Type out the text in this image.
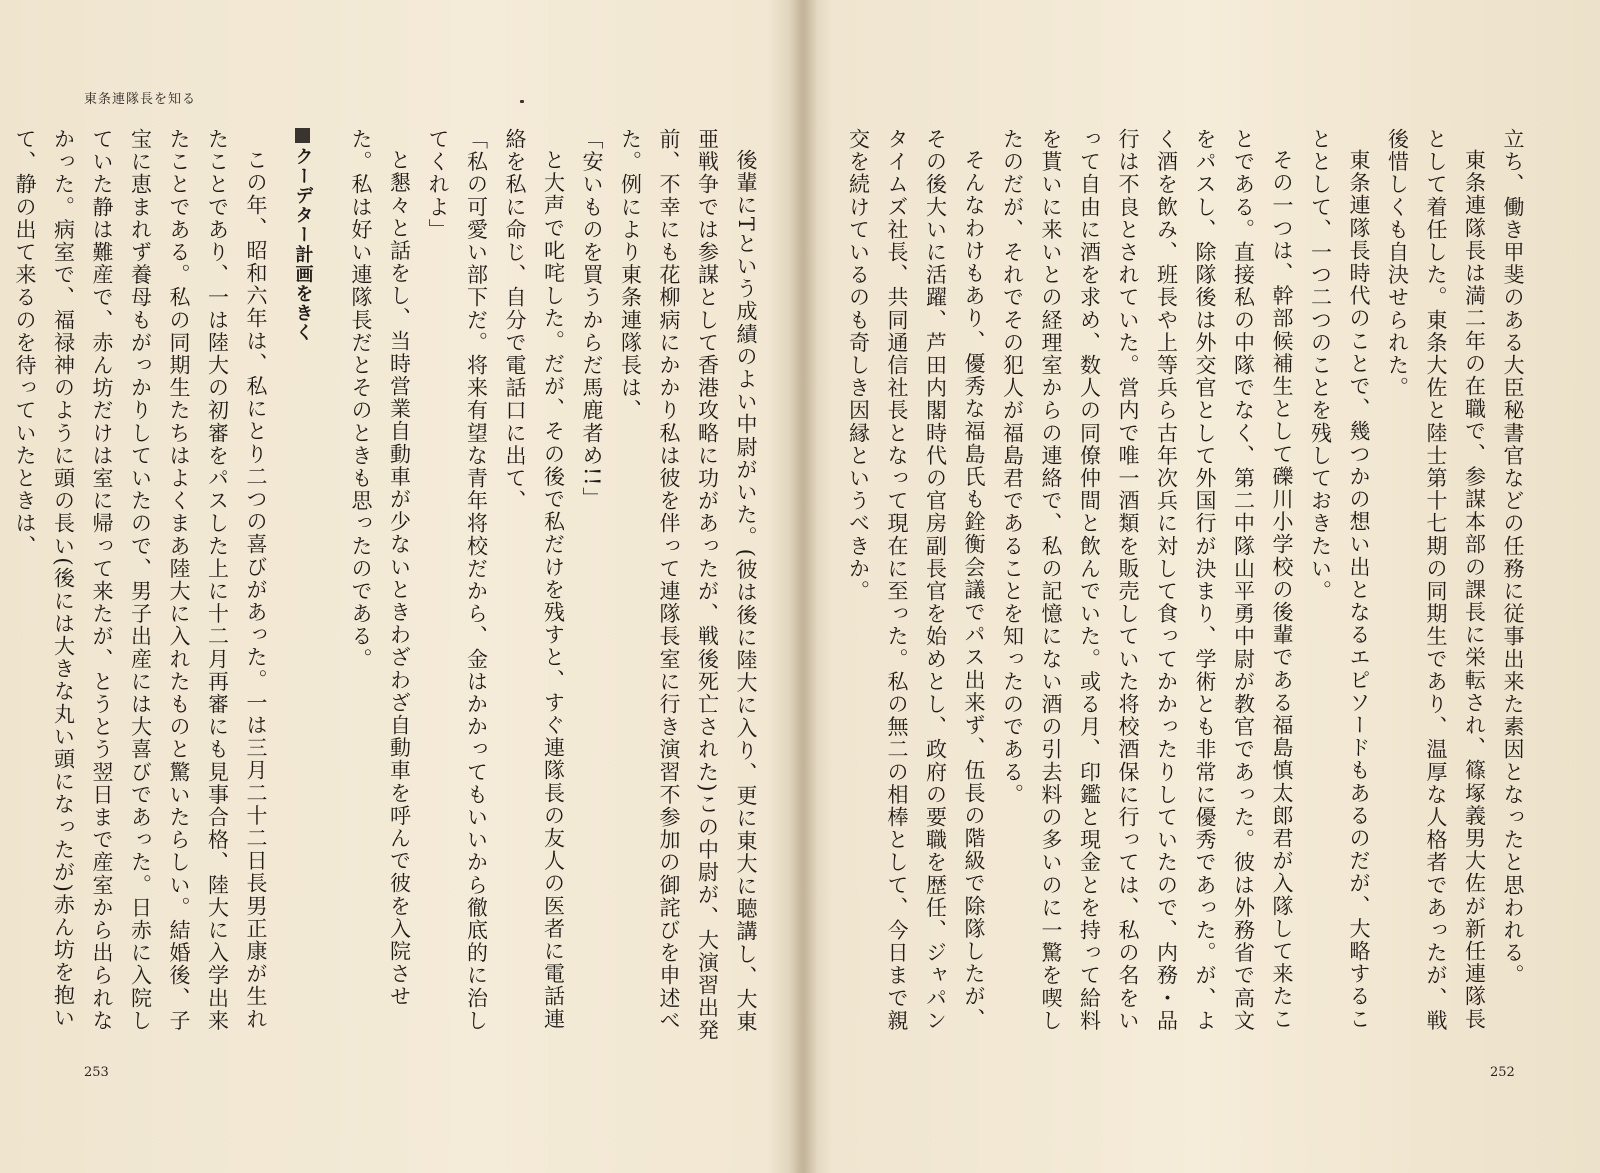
東条連隊長を知る

後輩にTという成績のよい中尉がいた。(彼は後に陸大に入り、更に東大に聴講し、大東亜戦争では参謀として香港攻略に功があったが、戦後死亡された)この中尉が、大演習出発前、不幸にも花柳病にかかり私は彼を伴って連隊長室に行き演習不参加の御詫びを申述べた。例により東条連隊長は、

「安いものを買うからだ馬鹿者め!!」

と大声で叱咤した。だが、その後で私だけを残すと、すぐ連隊長の友人の医者に電話連絡を私に命じ、自分で電話口に出て、

「私の可愛い部下だ。将来有望な青年将校だから、金はかかってもいいから徹底的に治してくれよ」

と懇々と話をし、当時営業自動車が少ないときわざわざ自動車を呼んで彼を入院させた。私は好い連隊長だとそのときも思ったのである。

クーデター計画をきく

この年、昭和六年は、私にとり二つの喜びがあった。一は三月二十二日長男正康が生れたことであり、一は陸大の初審をパスした上に十二月再審にも見事合格、陸大に入学出来たことである。私の同期生たちはよくまあ陸大に入れたものと驚いたらしい。結婚後、子宝に恵まれず養母もがっかりしていたので、男子出産には大喜びであった。日赤に入院していた静は難産で、赤ん坊だけは室に帰って来たが、とうとう翌日まで産室から出られなかった。病室で、福禄神のように頭の長い(後には大きな丸い頭になったが)赤ん坊を抱いて、静の出て来るのを待っていたときは、

253

立ち、働き甲斐のある大臣秘書官などの任務に従事出来た素因となったと思われる。

東条連隊長は満二年の在職で、参謀本部の課長に栄転され、篠塚義男大佐が新任連隊長として着任した。東条大佐と陸士第十七期の同期生であり、温厚な人格者であったが、戦後惜しくも自決せられた。

東条連隊長時代のことで、幾つかの想い出となるエピソードもあるのだが、大略することとして、一つ二つのことを残しておきたい。

その一つは、幹部候補生として礫川小学校の後輩である福島慎太郎君が入隊して来たことである。直接私の中隊でなく、第二中隊山平勇中尉が教官であった。彼は外務省で高文をパスし、除隊後は外交官として外国行が決まり、学術とも非常に優秀であった。が、よく酒を飲み、班長や上等兵ら古年次兵に対して食ってかかったりしていたので、内務・品行は不良とされていた。営内で唯一酒類を販売していた将校酒保に行っては、私の名をいって自由に酒を求め、数人の同僚仲間と飲んでいた。或る月、印鑑と現金とを持って給料を貰いに来いとの経理室からの連絡で、私の記憶にない酒の引去料の多いのに一驚を喫したのだが、それでその犯人が福島君であることを知ったのである。

そんなわけもあり、優秀な福島氏も銓衡会議でパス出来ず、伍長の階級で除隊したが、その後大いに活躍、芦田内閣時代の官房副長官を始めとし、政府の要職を歴任、ジャパンタイムズ社長、共同通信社長となって現在に至った。私の無二の相棒として、今日まで親交を続けているのも奇しき因縁というべきか。

252
